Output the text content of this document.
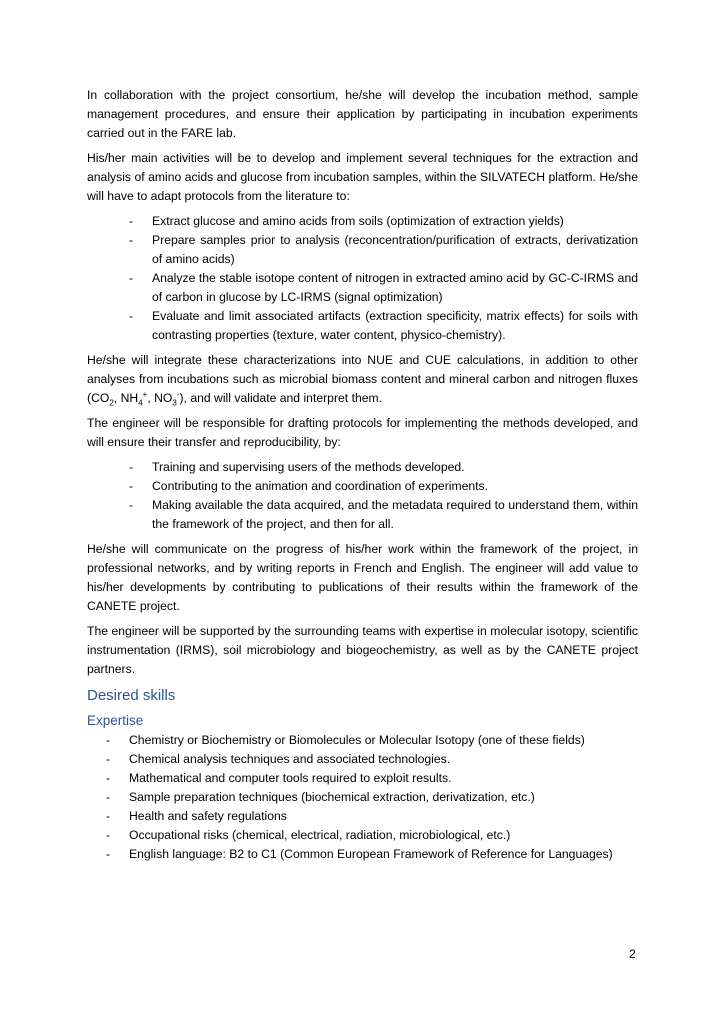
In collaboration with the project consortium, he/she will develop the incubation method, sample management procedures, and ensure their application by participating in incubation experiments carried out in the FARE lab.

His/her main activities will be to develop and implement several techniques for the extraction and analysis of amino acids and glucose from incubation samples, within the SILVATECH platform. He/she will have to adapt protocols from the literature to:

- Extract glucose and amino acids from soils (optimization of extraction yields)
- Prepare samples prior to analysis (reconcentration/purification of extracts, derivatization of amino acids)
- Analyze the stable isotope content of nitrogen in extracted amino acid by GC-C-IRMS and of carbon in glucose by LC-IRMS (signal optimization)
- Evaluate and limit associated artifacts (extraction specificity, matrix effects) for soils with contrasting properties (texture, water content, physico-chemistry).

He/she will integrate these characterizations into NUE and CUE calculations, in addition to other analyses from incubations such as microbial biomass content and mineral carbon and nitrogen fluxes ($CO_2$, $NH_4^+$, $NO_3^-$), and will validate and interpret them.

The engineer will be responsible for drafting protocols for implementing the methods developed, and will ensure their transfer and reproducibility, by:

- Training and supervising users of the methods developed.
- Contributing to the animation and coordination of experiments.
- Making available the data acquired, and the metadata required to understand them, within the framework of the project, and then for all.

He/she will communicate on the progress of his/her work within the framework of the project, in professional networks, and by writing reports in French and English. The engineer will add value to his/her developments by contributing to publications of their results within the framework of the CANETE project.

The engineer will be supported by the surrounding teams with expertise in molecular isotopy, scientific instrumentation (IRMS), soil microbiology and biogeochemistry, as well as by the CANETE project partners.

Desired skills
Expertise
- Chemistry or Biochemistry or Biomolecules or Molecular Isotopy (one of these fields)
- Chemical analysis techniques and associated technologies.
- Mathematical and computer tools required to exploit results.
- Sample preparation techniques (biochemical extraction, derivatization, etc.)
- Health and safety regulations
- Occupational risks (chemical, electrical, radiation, microbiological, etc.)
- English language: B2 to C1 (Common European Framework of Reference for Languages)
2
